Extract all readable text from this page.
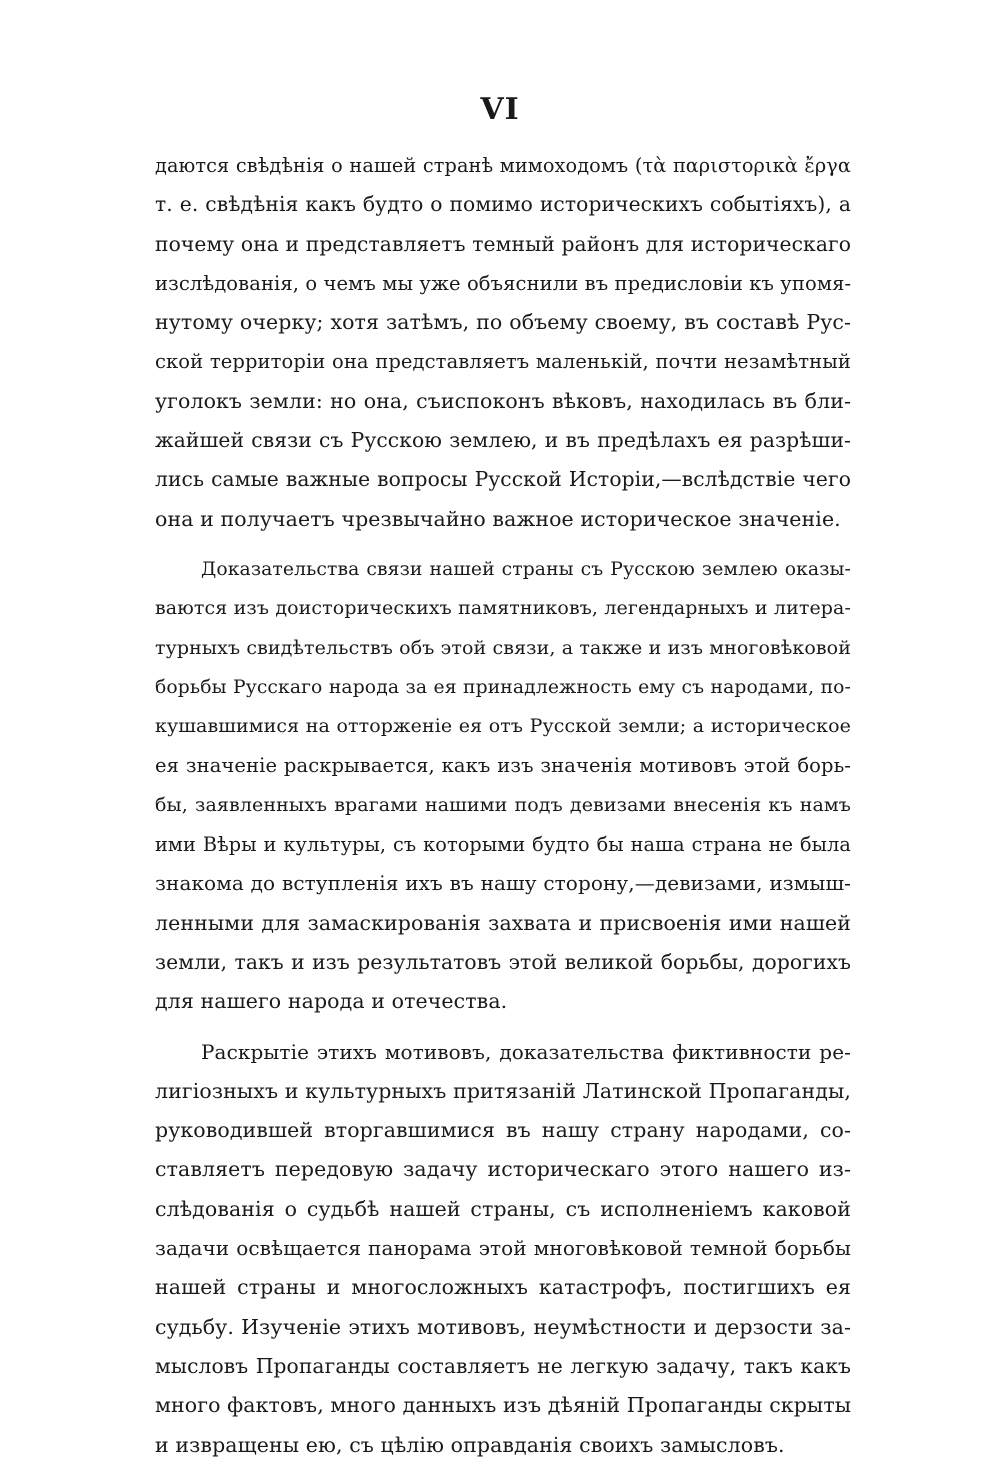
VI
даются свѣдѣнія о нашей странѣ мимоходомъ (τὰ παριστορικὰ ἔργα
т. е. свѣдѣнія какъ будто о помимо историческихъ событіяхъ), а
почему она и представляетъ темный районъ для историческаго
изслѣдованія, о чемъ мы уже объяснили въ предисловіи къ упомя-
нутому очерку; хотя затѣмъ, по объему своему, въ составѣ Рус-
ской территоріи она представляетъ маленькій, почти незамѣтный
уголокъ земли: но она, съиспоконъ вѣковъ, находилась въ бли-
жайшей связи съ Русскою землею, и въ предѣлахъ ея разрѣши-
лись самые важные вопросы Русской Исторіи,—вслѣдствіе чего
она и получаетъ чрезвычайно важное историческое значеніе.
Доказательства связи нашей страны съ Русскою землею оказы-
ваются изъ доисторическихъ памятниковъ, легендарныхъ и литера-
турныхъ свидѣтельствъ объ этой связи, а также и изъ многовѣковой
борьбы Русскаго народа за ея принадлежность ему съ народами, по-
кушавшимися на отторженіе ея отъ Русской земли; а историческое
ея значеніе раскрывается, какъ изъ значенія мотивовъ этой борь-
бы, заявленныхъ врагами нашими подъ девизами внесенія къ намъ
ими Вѣры и культуры, съ которыми будто бы наша страна не была
знакома до вступленія ихъ въ нашу сторону,—девизами, измыш-
ленными для замаскированія захвата и присвоенія ими нашей
земли, такъ и изъ результатовъ этой великой борьбы, дорогихъ
для нашего народа и отечества.
Раскрытіе этихъ мотивовъ, доказательства фиктивности ре-
лигіозныхъ и культурныхъ притязаній Латинской Пропаганды,
руководившей вторгавшимися въ нашу страну народами, со-
ставляетъ передовую задачу историческаго этого нашего из-
слѣдованія о судьбѣ нашей страны, съ исполненіемъ каковой
задачи освѣщается панорама этой многовѣковой темной борьбы
нашей страны и многосложныхъ катастрофъ, постигшихъ ея
судьбу. Изученіе этихъ мотивовъ, неумѣстности и дерзости за-
мысловъ Пропаганды составляетъ не легкую задачу, такъ какъ
много фактовъ, много данныхъ изъ дѣяній Пропаганды скрыты
и извращены ею, съ цѣлію оправданія своихъ замысловъ.
